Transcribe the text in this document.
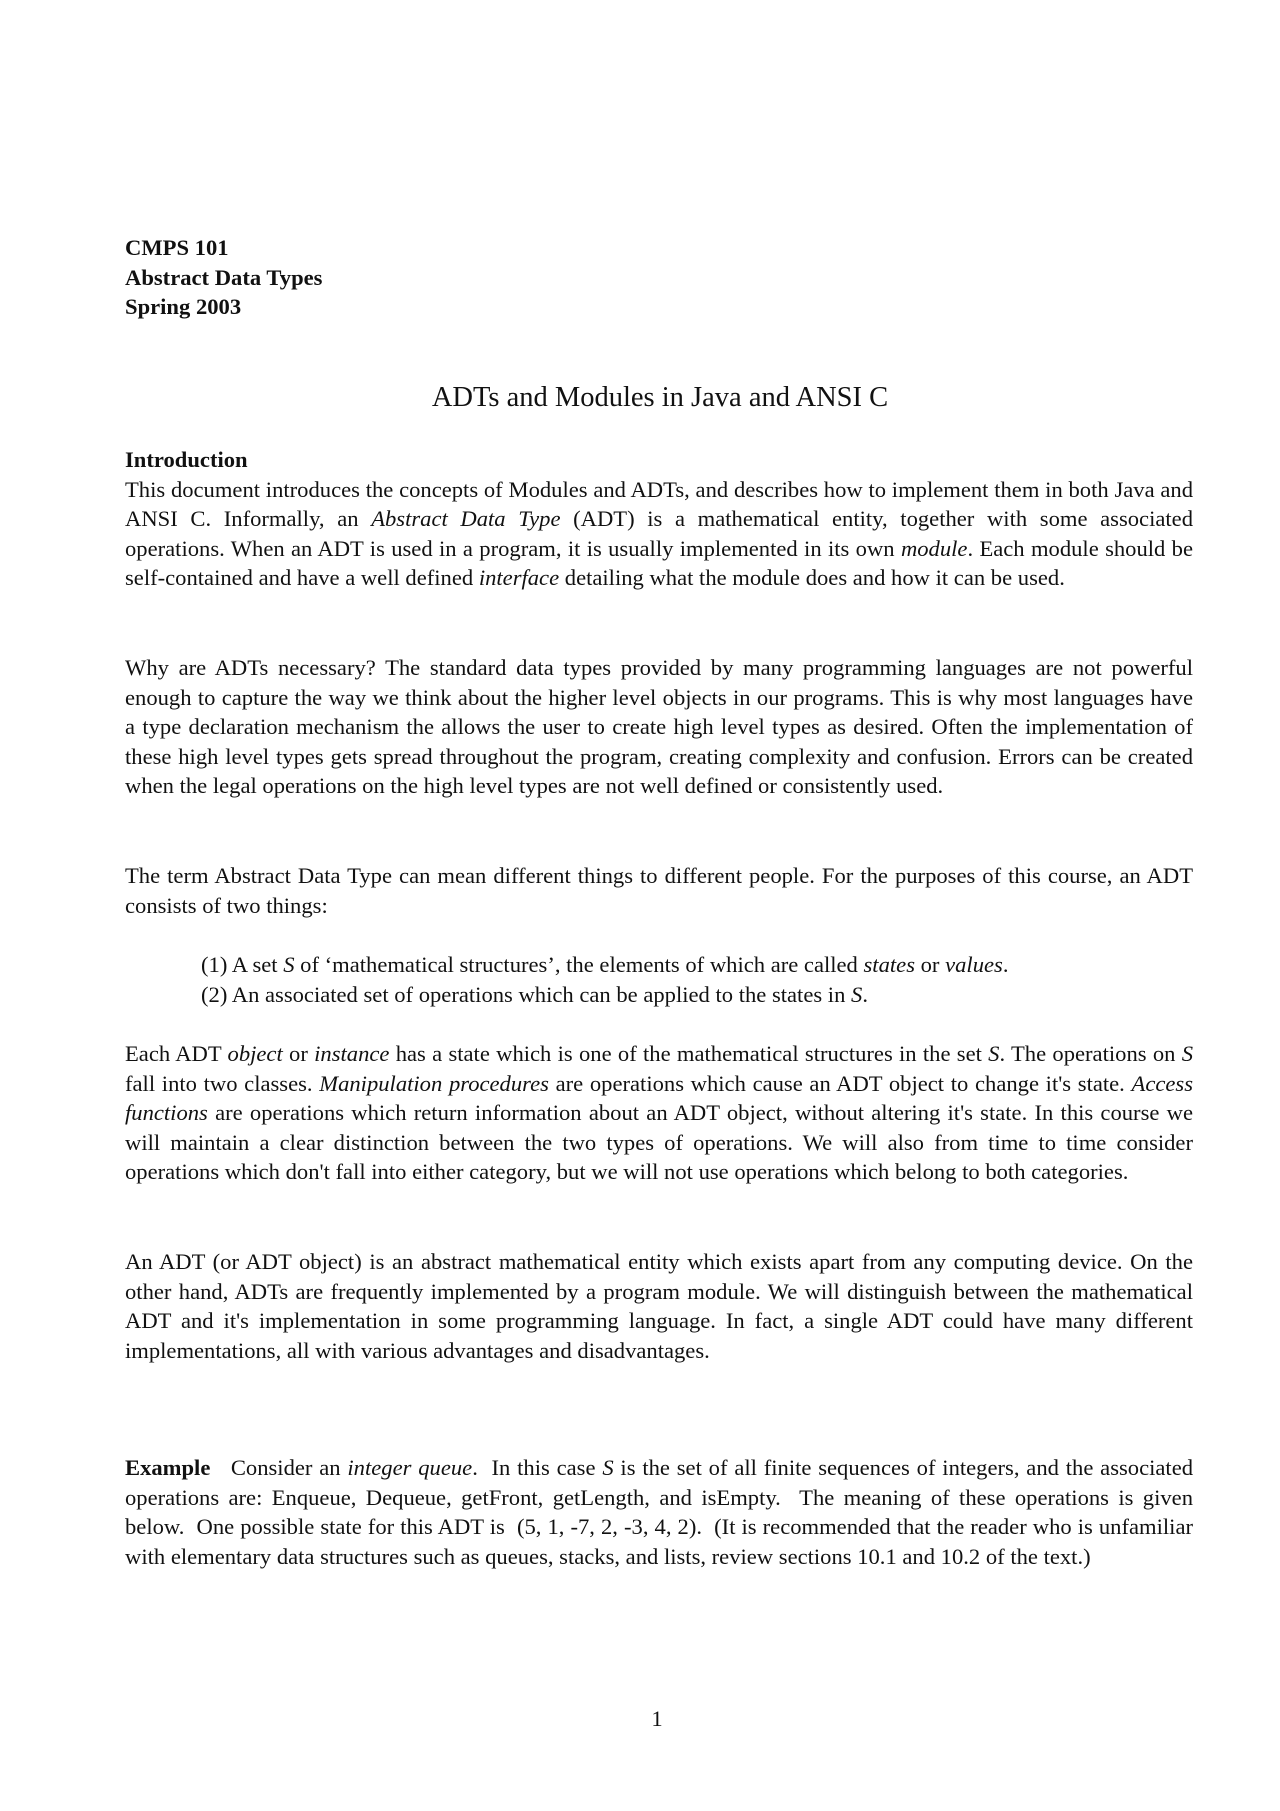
CMPS 101
Abstract Data Types
Spring 2003
ADTs and Modules in Java and ANSI C
Introduction
This document introduces the concepts of Modules and ADTs, and describes how to implement them in both Java and ANSI C. Informally, an Abstract Data Type (ADT) is a mathematical entity, together with some associated operations. When an ADT is used in a program, it is usually implemented in its own module. Each module should be self-contained and have a well defined interface detailing what the module does and how it can be used.
Why are ADTs necessary? The standard data types provided by many programming languages are not powerful enough to capture the way we think about the higher level objects in our programs. This is why most languages have a type declaration mechanism the allows the user to create high level types as desired. Often the implementation of these high level types gets spread throughout the program, creating complexity and confusion. Errors can be created when the legal operations on the high level types are not well defined or consistently used.
The term Abstract Data Type can mean different things to different people. For the purposes of this course, an ADT consists of two things:
(1) A set S of ‘mathematical structures’, the elements of which are called states or values.
(2) An associated set of operations which can be applied to the states in S.
Each ADT object or instance has a state which is one of the mathematical structures in the set S. The operations on S fall into two classes. Manipulation procedures are operations which cause an ADT object to change it's state. Access functions are operations which return information about an ADT object, without altering it's state. In this course we will maintain a clear distinction between the two types of operations. We will also from time to time consider operations which don't fall into either category, but we will not use operations which belong to both categories.
An ADT (or ADT object) is an abstract mathematical entity which exists apart from any computing device. On the other hand, ADTs are frequently implemented by a program module. We will distinguish between the mathematical ADT and it's implementation in some programming language. In fact, a single ADT could have many different implementations, all with various advantages and disadvantages.
Example   Consider an integer queue.  In this case S is the set of all finite sequences of integers, and the associated operations are: Enqueue, Dequeue, getFront, getLength, and isEmpty.  The meaning of these operations is given below.  One possible state for this ADT is  (5, 1, -7, 2, -3, 4, 2).  (It is recommended that the reader who is unfamiliar with elementary data structures such as queues, stacks, and lists, review sections 10.1 and 10.2 of the text.)
1
